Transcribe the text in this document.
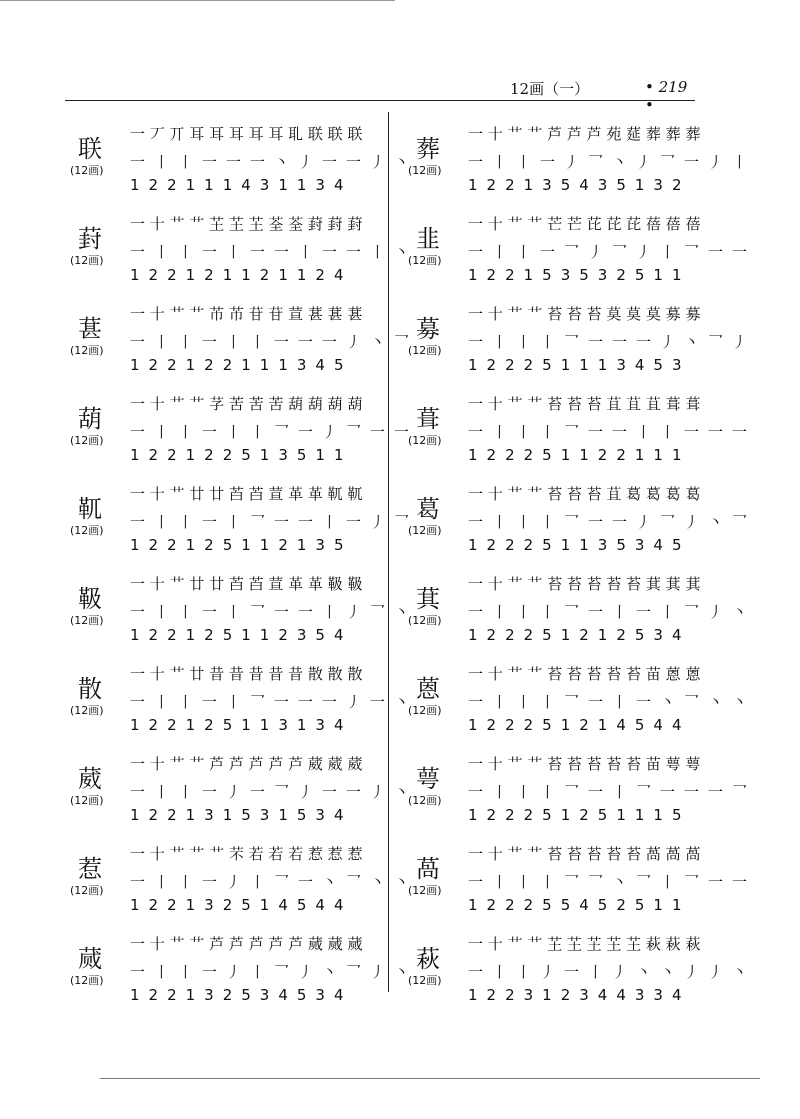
12画（一）	• 219 •
联
(12画)
一 丆 丌 耳 耳 耳 耳 耳 耴 联 联 联
一丨丨一一一丶丿一一丿丶
122111431134
葑
(12画)
一 十 艹 艹 芏 芏 芏 荃 荃 葑 葑 葑
一丨丨一丨一一丨一一丨丶
122121121124
葚
(12画)
一 十 艹 艹 芇 芇 苷 苷 荁 葚 葚 葚
一丨丨一丨丨一一一丿丶乛
122122111345
葫
(12画)
一 十 艹 艹 芓 苦 苦 苦 葫 葫 葫 葫
一丨丨一丨丨乛一丿乛一一
122122513511
靰
(12画)
一 十 艹 廿 廿 苩 苩 荁 革 革 靰 靰
一丨丨一丨乛一一丨一丿乛
122125112135
靸
(12画)
一 十 艹 廿 廿 苩 苩 荁 革 革 靸 靸
一丨丨一丨乛一一丨丿乛丶
122125112354
散
(12画)
一 十 艹 廿 昔 昔 昔 昔 昔 散 散 散
一丨丨一丨乛一一一丿一丶
122125113134
葳
(12画)
一 十 艹 艹 芦 芦 芦 芦 芦 葳 葳 葳
一丨丨一丿一乛丿一一丿丶
122131531534
惹
(12画)
一 十 艹 艹 艹 芣 若 若 若 惹 惹 惹
一丨丨一丿丨乛一丶乛丶丶
122132514544
蒇
(12画)
一 十 艹 艹 芦 芦 芦 芦 芦 蒇 蒇 蒇
一丨丨一丿丨乛丿丶乛丿丶
122132534534
葬
(12画)
一 十 艹 艹 芦 芦 芦 苑 莚 葬 葬 葬
一丨丨一丿乛丶丿乛一丿丨
122135435132
韭
(12画)
一 十 艹 艹 芒 芒 芘 芘 芘 蓓 蓓 蓓
一丨丨一乛丿乛丿丨乛一一
122153532511
募
(12画)
一 十 艹 艹 苔 苔 苔 莫 莫 莫 募 募
一丨丨丨乛一一一丿丶乛丿
122251113453
葺
(12画)
一 十 艹 艹 苔 苔 苔 苴 苴 苴 葺 葺
一丨丨丨乛一一丨丨一一一
122251122111
葛
(12画)
一 十 艹 艹 苔 苔 苔 苴 葛 葛 葛 葛
一丨丨丨乛一一丿乛丿丶乛
122251135345
萁
(12画)
一 十 艹 艹 苔 苔 苔 苔 苔 萁 萁 萁
一丨丨丨乛一丨一丨乛丿丶
122251212534
蒽
(12画)
一 十 艹 艹 苔 苔 苔 苔 苔 苗 蒽 蒽
一丨丨丨乛一丨一丶乛丶丶
122251214544
萼
(12画)
一 十 艹 艹 苔 苔 苔 苔 苔 苗 萼 萼
一丨丨丨乛一丨乛一一一乛
122251251115
萵
(12画)
一 十 艹 艹 苔 苔 苔 苔 苔 萵 萵 萵
一丨丨丨乛乛丶乛丨乛一一
122255452511
萩
(12画)
一 十 艹 艹 芏 芏 芏 芏 芏 萩 萩 萩
一丨丨丿一丨丿丶丶丿丿丶
122312344334
